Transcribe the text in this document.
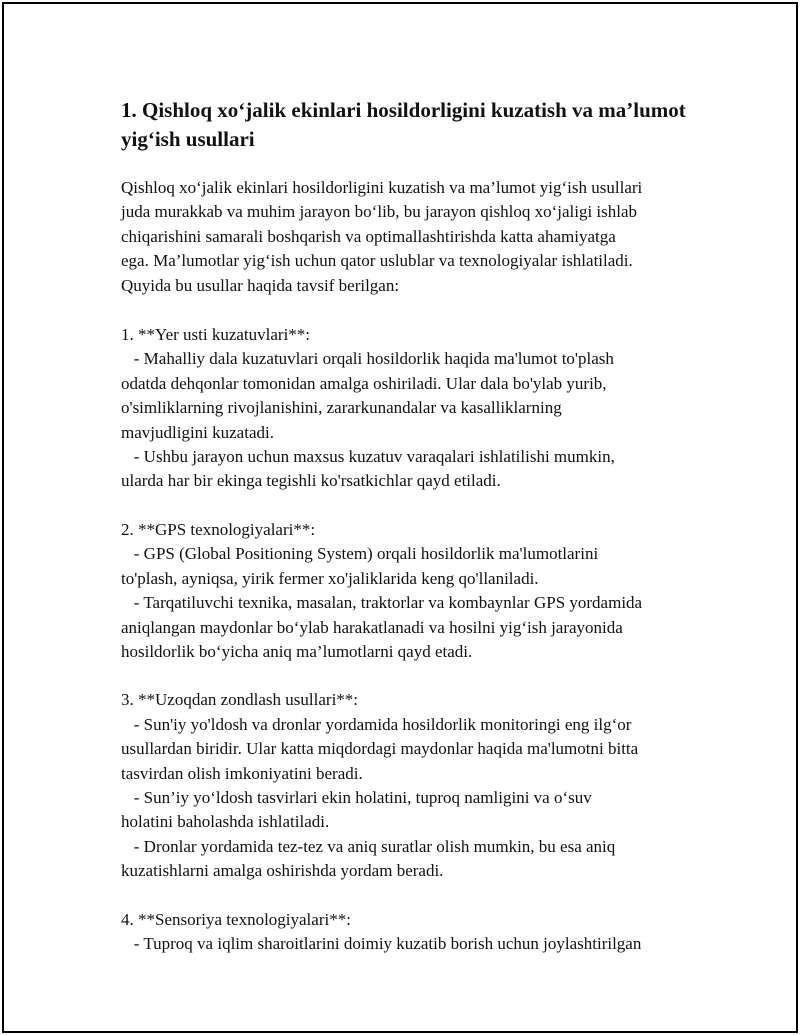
1. Qishloq xo‘jalik ekinlari hosildorligini kuzatish va ma’lumot yig‘ish usullari
Qishloq xo‘jalik ekinlari hosildorligini kuzatish va ma’lumot yig‘ish usullari
juda murakkab va muhim jarayon bo‘lib, bu jarayon qishloq xo‘jaligi ishlab
chiqarishini samarali boshqarish va optimallashtirishda katta ahamiyatga
ega. Ma’lumotlar yig‘ish uchun qator uslublar va texnologiyalar ishlatiladi.
Quyida bu usullar haqida tavsif berilgan:
1. **Yer usti kuzatuvlari**:
- Mahalliy dala kuzatuvlari orqali hosildorlik haqida ma'lumot to'plash
odatda dehqonlar tomonidan amalga oshiriladi. Ular dala bo'ylab yurib,
o'simliklarning rivojlanishini, zararkunandalar va kasalliklarning
mavjudligini kuzatadi.
- Ushbu jarayon uchun maxsus kuzatuv varaqalari ishlatilishi mumkin,
ularda har bir ekinga tegishli ko'rsatkichlar qayd etiladi.
2. **GPS texnologiyalari**:
- GPS (Global Positioning System) orqali hosildorlik ma'lumotlarini
to'plash, ayniqsa, yirik fermer xo'jaliklarida keng qo'llaniladi.
- Tarqatiluvchi texnika, masalan, traktorlar va kombaynlar GPS yordamida
aniqlangan maydonlar bo‘ylab harakatlanadi va hosilni yig‘ish jarayonida
hosildorlik bo‘yicha aniq ma’lumotlarni qayd etadi.
3. **Uzoqdan zondlash usullari**:
- Sun'iy yo'ldosh va dronlar yordamida hosildorlik monitoringi eng ilg‘or
usullardan biridir. Ular katta miqdordagi maydonlar haqida ma'lumotni bitta
tasvirdan olish imkoniyatini beradi.
- Sun’iy yo‘ldosh tasvirlari ekin holatini, tuproq namligini va o‘suv
holatini baholashda ishlatiladi.
- Dronlar yordamida tez-tez va aniq suratlar olish mumkin, bu esa aniq
kuzatishlarni amalga oshirishda yordam beradi.
4. **Sensoriya texnologiyalari**:
- Tuproq va iqlim sharoitlarini doimiy kuzatib borish uchun joylashtirilgan
